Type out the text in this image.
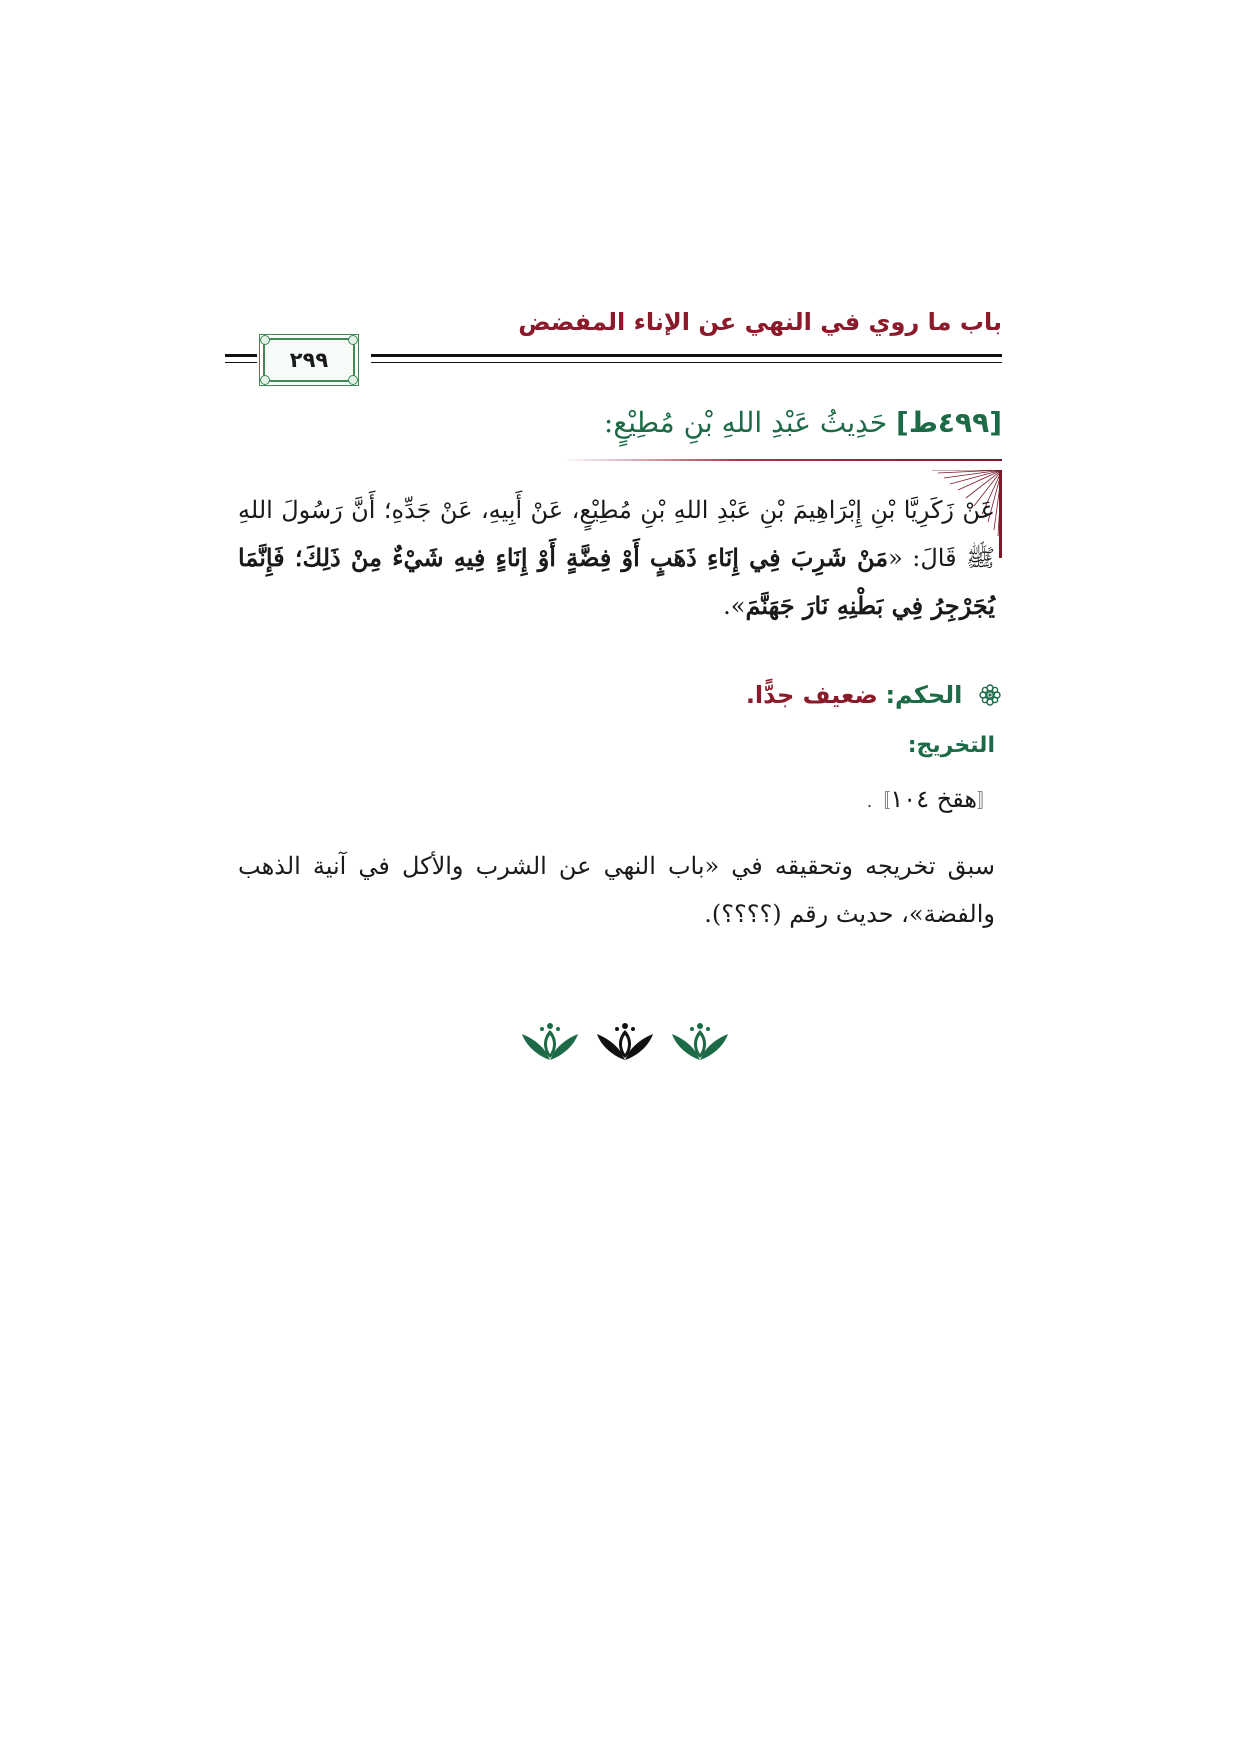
باب ما روي في النهي عن الإناء المفضض
٢٩٩
[٤٩٩ط] حَدِيثُ عَبْدِ اللهِ بْنِ مُطِيْعٍ:
عَنْ زَكَرِيَّا بْنِ إِبْرَاهِيمَ بْنِ عَبْدِ اللهِ بْنِ مُطِيْعٍ، عَنْ أَبِيهِ، عَنْ جَدِّهِ؛ أَنَّ رَسُولَ اللهِ ﷺ قَالَ: «مَنْ شَرِبَ فِي إِنَاءِ ذَهَبٍ أَوْ فِضَّةٍ أَوْ إِنَاءٍ فِيهِ شَيْءٌ مِنْ ذَلِكَ؛ فَإِنَّمَا يُجَرْجِرُ فِي بَطْنِهِ نَارَ جَهَنَّمَ».
الحكم: ضعيف جدًّا.
التخريج:
〚هقخ ١٠٤〛.
سبق تخريجه وتحقيقه في «باب النهي عن الشرب والأكل في آنية الذهب والفضة»، حديث رقم (؟؟؟؟).
